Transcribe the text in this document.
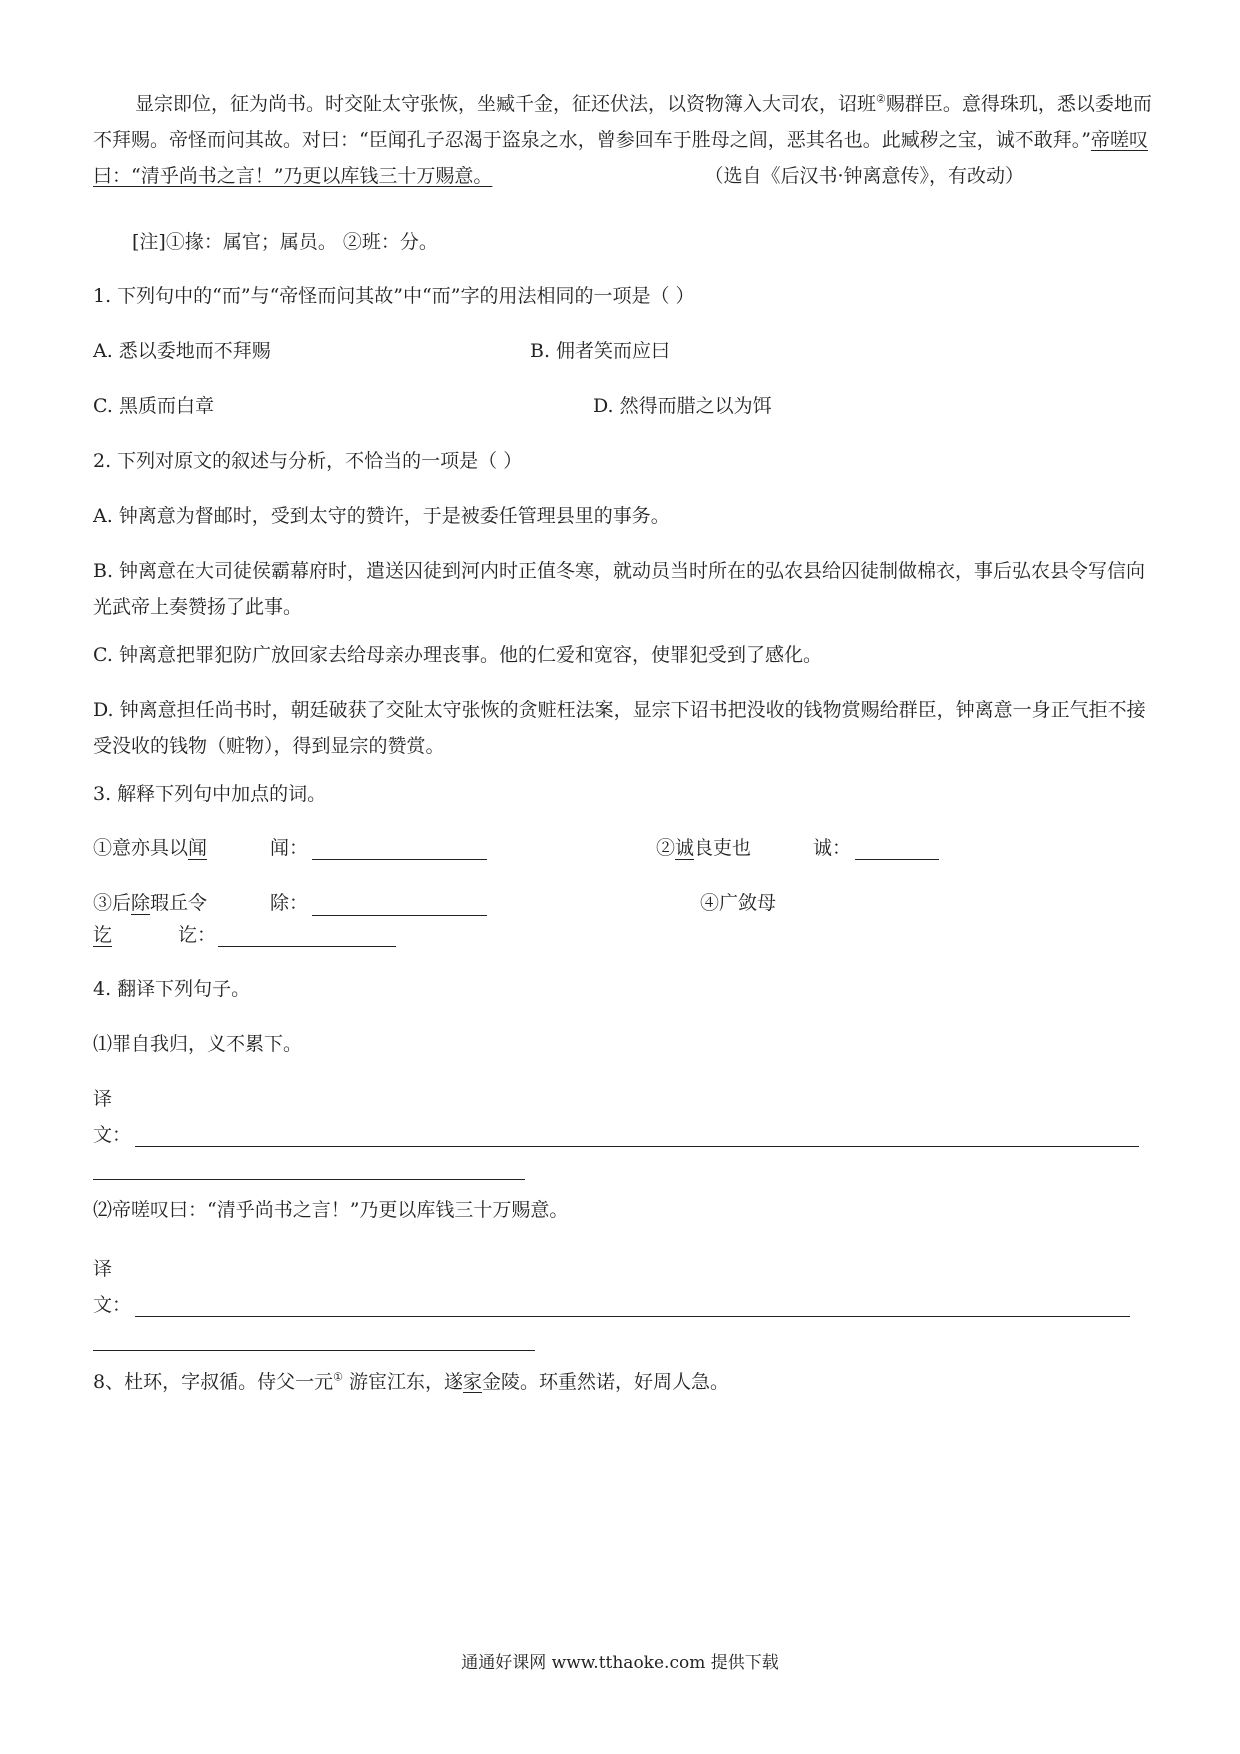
显宗即位，征为尚书。时交阯太守张恢，坐臧千金，征还伏法，以资物簿入大司农，诏班②赐群臣。意得珠玑，悉以委地而不拜赐。帝怪而问其故。对曰：“臣闻孔子忍渴于盗泉之水，曾参回车于胜母之闾，恶其名也。此臧秽之宝，诚不敢拜。”帝嗟叹曰：“清乎尚书之言！”乃更以库钱三十万赐意。	（选自《后汉书·钟离意传》，有改动）

[注]①掾：属官；属员。 ②班：分。

1. 下列句中的“而”与“帝怪而问其故”中“而”字的用法相同的一项是（ ）

A. 悉以委地而不拜赐	B. 佣者笑而应曰
C. 黑质而白章	D. 然得而腊之以为饵

2. 下列对原文的叙述与分析，不恰当的一项是（ ）

A. 钟离意为督邮时，受到太守的赞许，于是被委任管理县里的事务。

B. 钟离意在大司徒侯霸幕府时，遣送囚徒到河内时正值冬寒，就动员当时所在的弘农县给囚徒制做棉衣，事后弘农县令写信向光武帝上奏赞扬了此事。

C. 钟离意把罪犯防广放回家去给母亲办理丧事。他的仁爱和宽容，使罪犯受到了感化。

D. 钟离意担任尚书时，朝廷破获了交阯太守张恢的贪赃枉法案，显宗下诏书把没收的钱物赏赐给群臣，钟离意一身正气拒不接受没收的钱物（赃物），得到显宗的赞赏。

3. 解释下列句中加点的词。

①意亦具以闻	闻：	②诚良吏也	诚：
③后除瑕丘令	除：	④广敛母
讫	讫：

4. 翻译下列句子。

⑴罪自我归，义不累下。

译
文：

⑵帝嗟叹曰：“清乎尚书之言！”乃更以库钱三十万赐意。

译
文：

8、杜环，字叔循。侍父一元① 游宦江东，遂家金陵。环重然诺，好周人急。

通通好课网 www.tthaoke.com 提供下载
